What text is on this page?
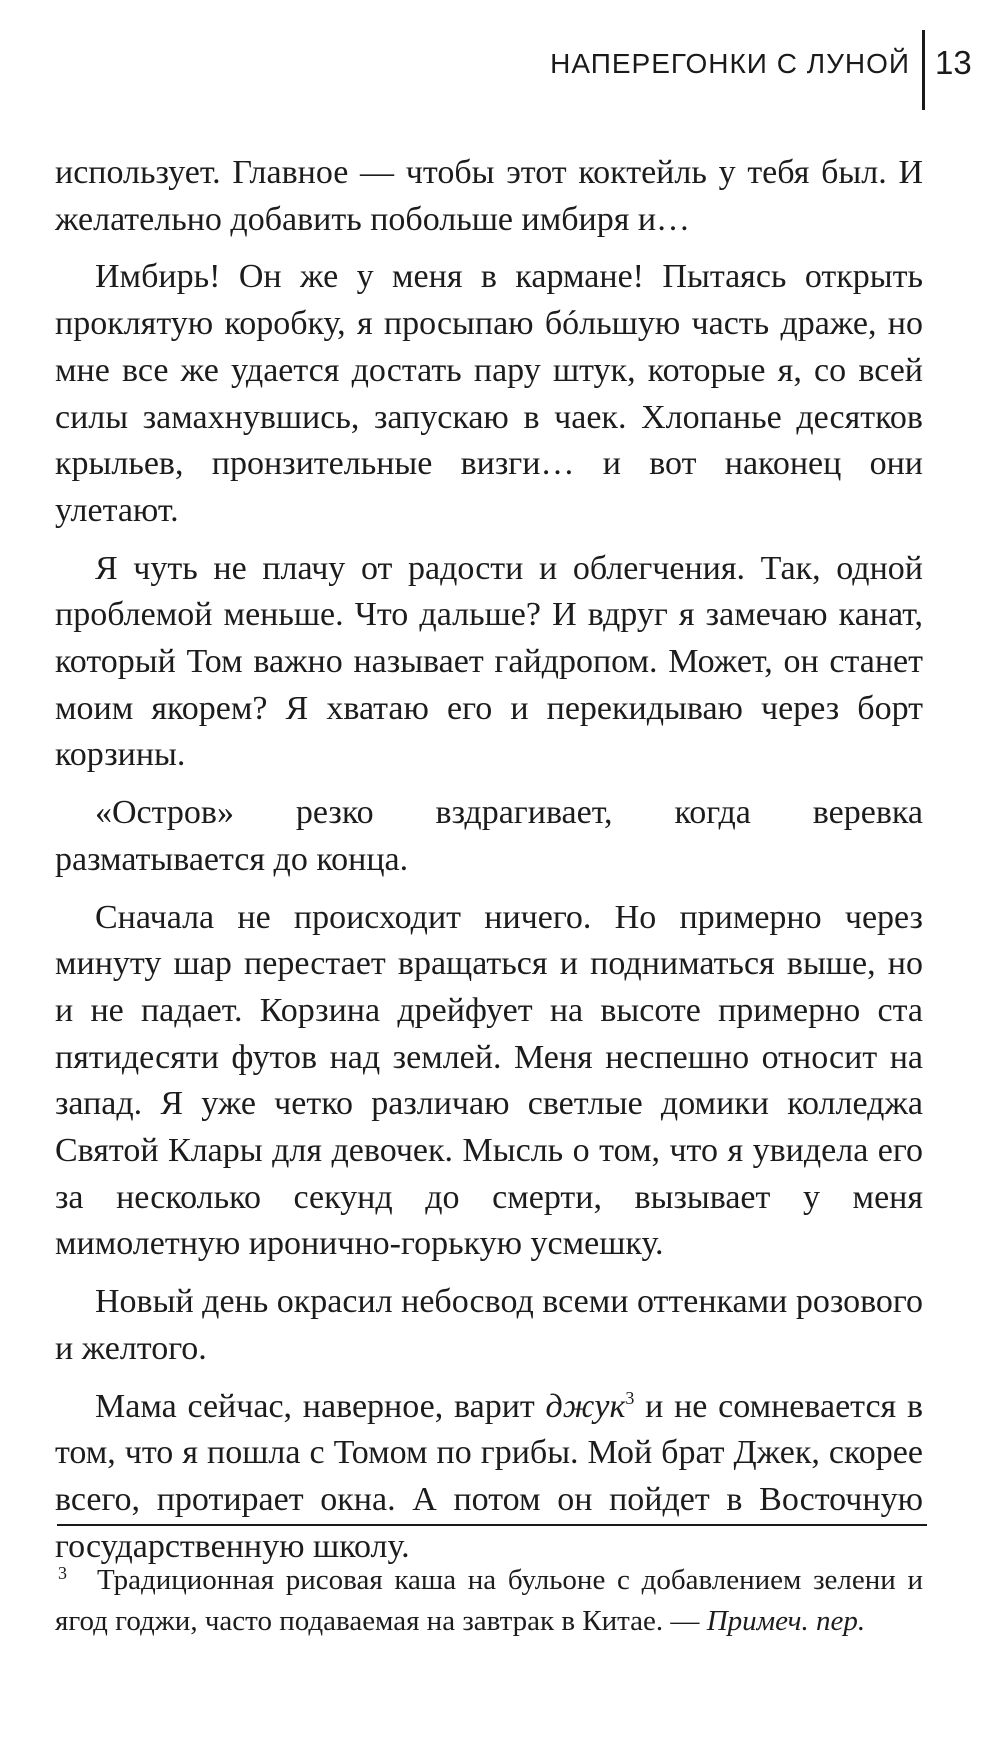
НАПЕРЕГОНКИ С ЛУНОЙ 13

использует. Главное — чтобы этот коктейль у тебя был. И желательно добавить побольше имбиря и…

Имбирь! Он же у меня в кармане! Пытаясь открыть проклятую коробку, я просыпаю бóльшую часть драже, но мне все же удается достать пару штук, которые я, со всей силы замахнувшись, запускаю в чаек. Хлопанье десятков крыльев, пронзительные визги… и вот наконец они улетают.

Я чуть не плачу от радости и облегчения. Так, одной проблемой меньше. Что дальше? И вдруг я замечаю канат, который Том важно называет гайдропом. Может, он станет моим якорем? Я хватаю его и перекидываю через борт корзины.

«Остров» резко вздрагивает, когда веревка разматывается до конца.

Сначала не происходит ничего. Но примерно через минуту шар перестает вращаться и подниматься выше, но и не падает. Корзина дрейфует на высоте примерно ста пятидесяти футов над землей. Меня неспешно относит на запад. Я уже четко различаю светлые домики колледжа Святой Клары для девочек. Мысль о том, что я увидела его за несколько секунд до смерти, вызывает у меня мимолетную иронично-горькую усмешку.

Новый день окрасил небосвод всеми оттенками розового и желтого.

Мама сейчас, наверное, варит джук$^3$ и не сомневается в том, что я пошла с Томом по грибы. Мой брат Джек, скорее всего, протирает окна. А потом он пойдет в Восточную государственную школу.

$^3$ Традиционная рисовая каша на бульоне с добавлением зелени и ягод годжи, часто подаваемая на завтрак в Китае. — Примеч. пер.
